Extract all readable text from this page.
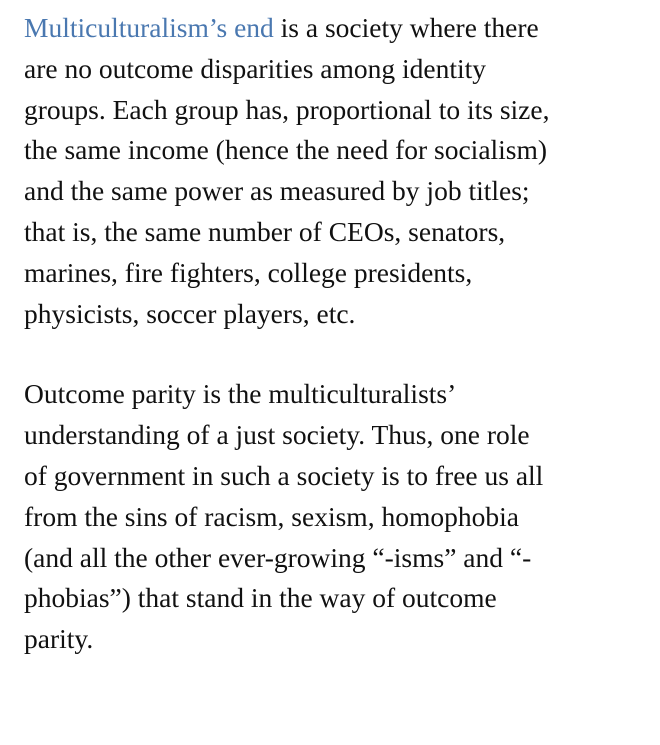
Multiculturalism’s end is a society where there
are no outcome disparities among identity
groups. Each group has, proportional to its size,
the same income (hence the need for socialism)
and the same power as measured by job titles;
that is, the same number of CEOs, senators,
marines, fire fighters, college presidents,
physicists, soccer players, etc.

Outcome parity is the multiculturalists’
understanding of a just society. Thus, one role
of government in such a society is to free us all
from the sins of racism, sexism, homophobia
(and all the other ever-growing “-isms” and “-
phobias”) that stand in the way of outcome
parity.
